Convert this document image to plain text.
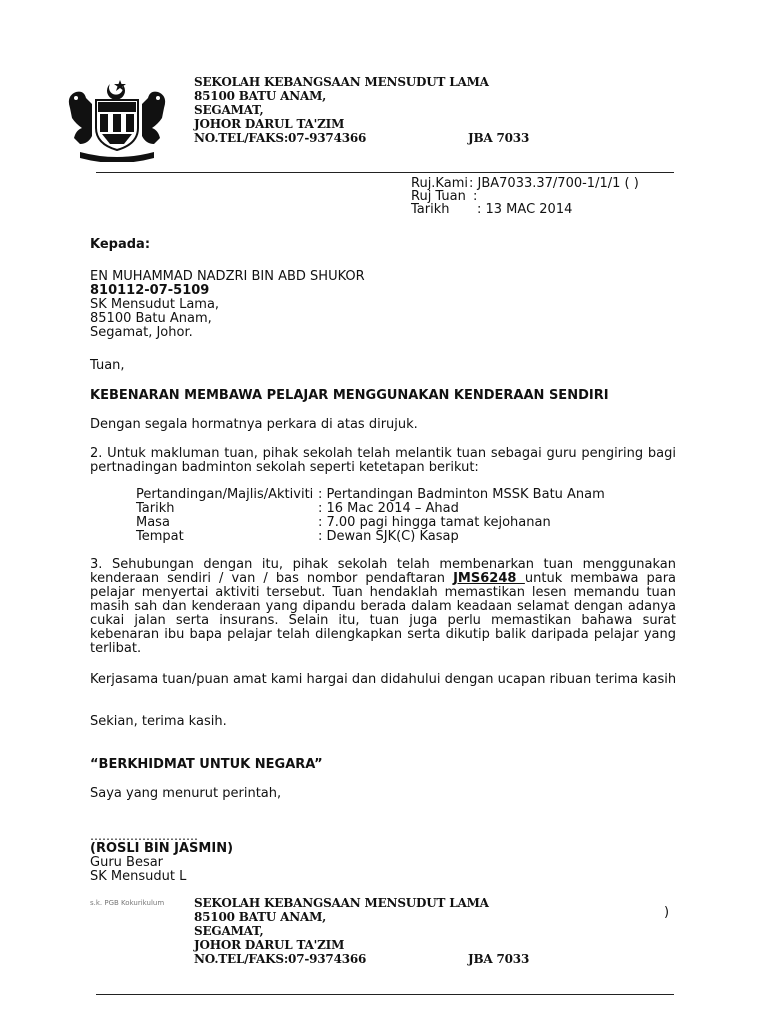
SEKOLAH KEBANGSAAN MENSUDUT LAMA
85100 BATU ANAM,
SEGAMAT,
JOHOR DARUL TA'ZIM
NO.TEL/FAKS:07-9374366	JBA 7033
Ruj.Kami : JBA7033.37/700-1/1/1 ( )
Ruj Tuan :
Tarikh : 13 MAC 2014
Kepada:
EN MUHAMMAD NADZRI BIN ABD SHUKOR
810112-07-5109
SK Mensudut Lama,
85100 Batu Anam,
Segamat, Johor.
Tuan,
KEBENARAN MEMBAWA PELAJAR MENGGUNAKAN KENDERAAN SENDIRI
Dengan segala hormatnya perkara di atas dirujuk.
2. Untuk makluman tuan, pihak sekolah telah melantik tuan sebagai guru pengiring bagi pertnadingan badminton sekolah seperti ketetapan berikut:
Pertandingan/Majlis/Aktiviti : Pertandingan Badminton MSSK Batu Anam
Tarikh	: 16 Mac 2014 – Ahad
Masa	: 7.00 pagi hingga tamat kejohanan
Tempat	: Dewan SJK(C) Kasap
3. Sehubungan dengan itu, pihak sekolah telah membenarkan tuan menggunakan kenderaan sendiri / van / bas nombor pendaftaran JMS6248 untuk membawa para pelajar menyertai aktiviti tersebut. Tuan hendaklah memastikan lesen memandu tuan masih sah dan kenderaan yang dipandu berada dalam keadaan selamat dengan adanya cukai jalan serta insurans. Selain itu, tuan juga perlu memastikan bahawa surat kebenaran ibu bapa pelajar telah dilengkapkan serta dikutip balik daripada pelajar yang terlibat.
Kerjasama tuan/puan amat kami hargai dan didahului dengan ucapan ribuan terima kasih
Sekian, terima kasih.
“BERKHIDMAT UNTUK NEGARA”
Saya yang menurut perintah,
………………………
(ROSLI BIN JASMIN)
Guru Besar
SK Mensudut L
s.k. PGB Kokurikulum
)
SEKOLAH KEBANGSAAN MENSUDUT LAMA
85100 BATU ANAM,
SEGAMAT,
JOHOR DARUL TA'ZIM
NO.TEL/FAKS:07-9374366	JBA 7033
